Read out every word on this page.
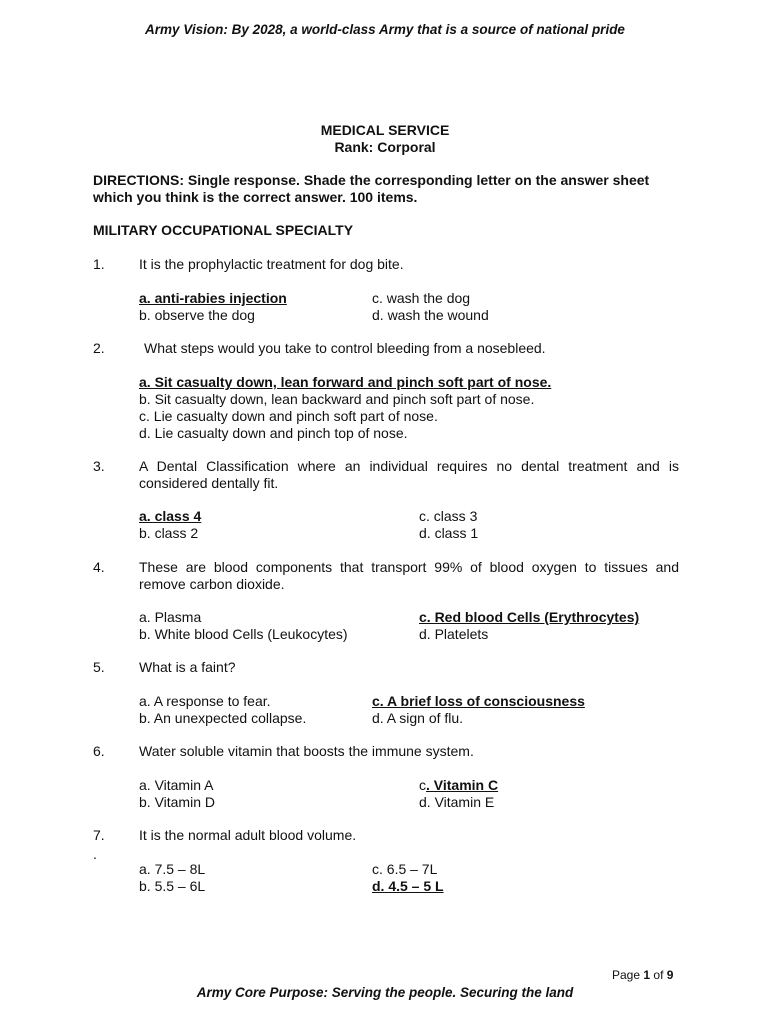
Army Vision: By 2028, a world-class Army that is a source of national pride
MEDICAL SERVICE
Rank: Corporal
DIRECTIONS: Single response. Shade the corresponding letter on the answer sheet which you think is the correct answer. 100 items.
MILITARY OCCUPATIONAL SPECIALTY
1. It is the prophylactic treatment for dog bite.
a. anti-rabies injection
b. observe the dog
c. wash the dog
d. wash the wound
2.	What steps would you take to control bleeding from a nosebleed.
a. Sit casualty down, lean forward and pinch soft part of nose.
b. Sit casualty down, lean backward and pinch soft part of nose.
c. Lie casualty down and pinch soft part of nose.
d. Lie casualty down and pinch top of nose.
3. A Dental Classification where an individual requires no dental treatment and is considered dentally fit.
a. class 4
b. class 2
c. class 3
d. class 1
4. These are blood components that transport 99% of blood oxygen to tissues and remove carbon dioxide.
a. Plasma
b. White blood Cells (Leukocytes)
c. Red blood Cells (Erythrocytes)
d. Platelets
5. What is a faint?
a. A response to fear.
b. An unexpected collapse.
c. A brief loss of consciousness
d. A sign of flu.
6. Water soluble vitamin that boosts the immune system.
a. Vitamin A
b. Vitamin D
c. Vitamin C
d. Vitamin E
7. It is the normal adult blood volume.
.
a. 7.5 – 8L
b. 5.5 – 6L
c. 6.5 – 7L
d. 4.5 – 5 L
Page 1 of 9
Army Core Purpose: Serving the people. Securing the land
